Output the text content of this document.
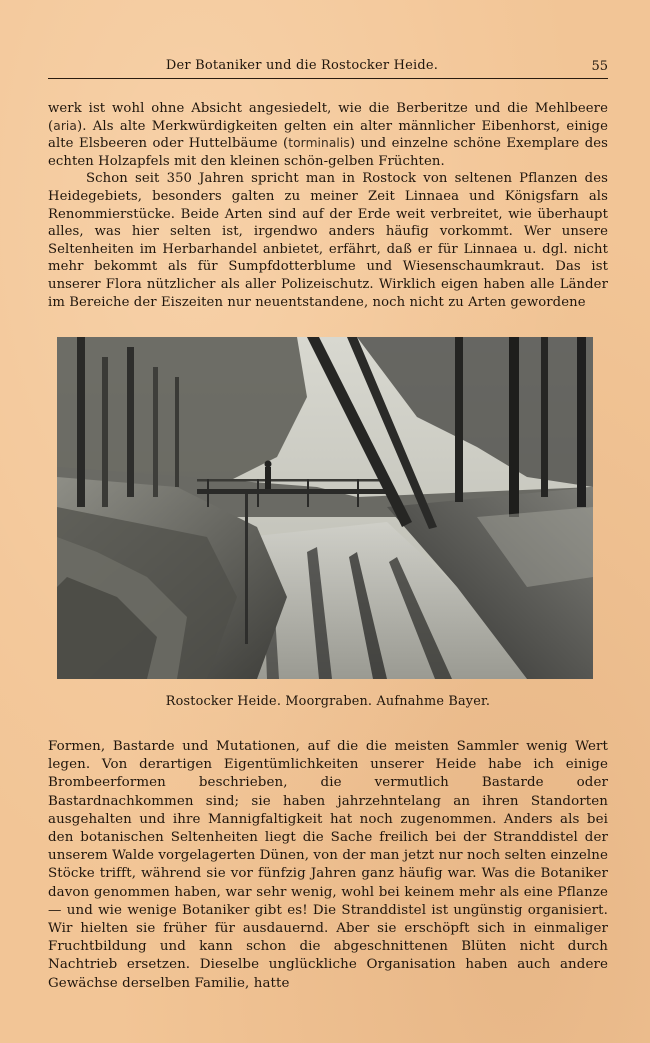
Der Botaniker und die Rostocker Heide.	55

werk ist wohl ohne Absicht angesiedelt, wie die Berberitze und die Mehlbeere (aria). Als alte Merkwürdigkeiten gelten ein alter männlicher Eibenhorst, einige alte Elsbeeren oder Huttelbäume (torminalis) und einzelne schöne Exemplare des echten Holzapfels mit den kleinen schön-gelben Früchten.

Schon seit 350 Jahren spricht man in Rostock von seltenen Pflanzen des Heidegebiets, besonders galten zu meiner Zeit Linnaea und Königsfarn als Renommierstücke. Beide Arten sind auf der Erde weit verbreitet, wie überhaupt alles, was hier selten ist, irgendwo anders häufig vorkommt. Wer unsere Seltenheiten im Herbarhandel anbietet, erfährt, daß er für Linnaea u. dgl. nicht mehr bekommt als für Sumpfdotterblume und Wiesenschaumkraut. Das ist unserer Flora nützlicher als aller Polizeischutz. Wirklich eigen haben alle Länder im Bereiche der Eiszeiten nur neuentstandene, noch nicht zu Arten gewordene

Rostocker Heide. Moorgraben. Aufnahme Bayer.

Formen, Bastarde und Mutationen, auf die die meisten Sammler wenig Wert legen. Von derartigen Eigentümlichkeiten unserer Heide habe ich einige Brombeerformen beschrieben, die vermutlich Bastarde oder Bastardnachkommen sind; sie haben jahrzehntelang an ihren Standorten ausgehalten und ihre Mannigfaltigkeit hat noch zugenommen. Anders als bei den botanischen Seltenheiten liegt die Sache freilich bei der Stranddistel der unserem Walde vorgelagerten Dünen, von der man jetzt nur noch selten einzelne Stöcke trifft, während sie vor fünfzig Jahren ganz häufig war. Was die Botaniker davon genommen haben, war sehr wenig, wohl bei keinem mehr als eine Pflanze — und wie wenige Botaniker gibt es! Die Stranddistel ist ungünstig organisiert. Wir hielten sie früher für ausdauernd. Aber sie erschöpft sich in einmaliger Fruchtbildung und kann schon die abgeschnittenen Blüten nicht durch Nachtrieb ersetzen. Dieselbe unglückliche Organisation haben auch andere Gewächse derselben Familie, hatte
